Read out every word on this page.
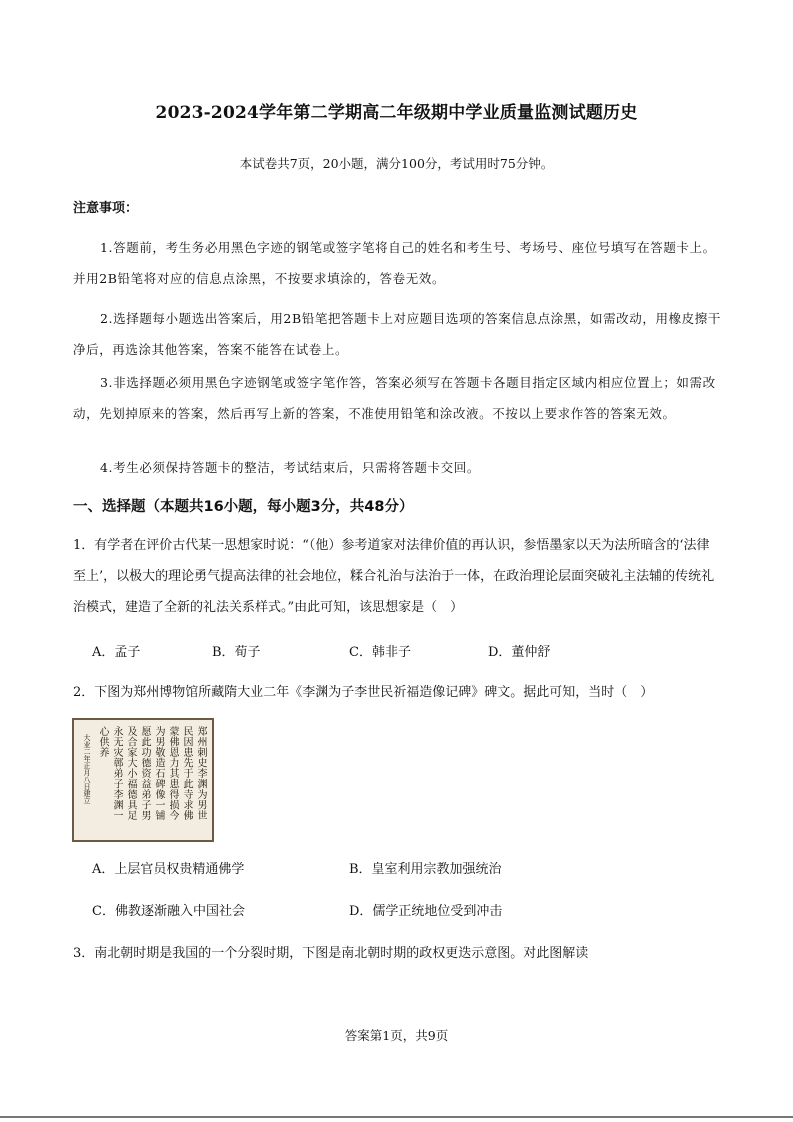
2023-2024学年第二学期高二年级期中学业质量监测试题历史
本试卷共7页，20小题，满分100分，考试用时75分钟。
注意事项：
1.答题前，考生务必用黑色字迹的钢笔或签字笔将自己的姓名和考生号、考场号、座位号填写在答题卡上。并用2B铅笔将对应的信息点涂黑，不按要求填涂的，答卷无效。
2.选择题每小题选出答案后，用2B铅笔把答题卡上对应题目选项的答案信息点涂黑，如需改动，用橡皮擦干净后，再选涂其他答案，答案不能答在试卷上。
3.非选择题必须用黑色字迹钢笔或签字笔作答，答案必须写在答题卡各题目指定区域内相应位置上；如需改动，先划掉原来的答案，然后再写上新的答案，不准使用铅笔和涂改液。不按以上要求作答的答案无效。
4.考生必须保持答题卡的整洁，考试结束后，只需将答题卡交回。
一、选择题（本题共16小题，每小题3分，共48分）
1．有学者在评价古代某一思想家时说：“（他）参考道家对法律价值的再认识，参悟墨家以天为法所暗含的‘法律至上’，以极大的理论勇气提高法律的社会地位，糅合礼治与法治于一体，在政治理论层面突破礼主法辅的传统礼治模式，建造了全新的礼法关系样式。”由此可知，该思想家是（　）
A．孟子	B．荀子	C．韩非子	D．董仲舒
2．下图为郑州博物馆所藏隋大业二年《李渊为子李世民祈福造像记碑》碑文。据此可知，当时（　）
郑州刺史李渊为男世
民因患先于此寺求佛
蒙佛恩力其患得损今
为男敬造石碑像一铺
愿此功德资益弟子男
及合家大小福德具足
永无灾鄣弟子李渊一
心供养
大业二年正月八日建立
A．上层官员权贵精通佛学	B．皇室利用宗教加强统治
C．佛教逐渐融入中国社会	D．儒学正统地位受到冲击
3．南北朝时期是我国的一个分裂时期，下图是南北朝时期的政权更迭示意图。对此图解读
答案第1页，共9页
